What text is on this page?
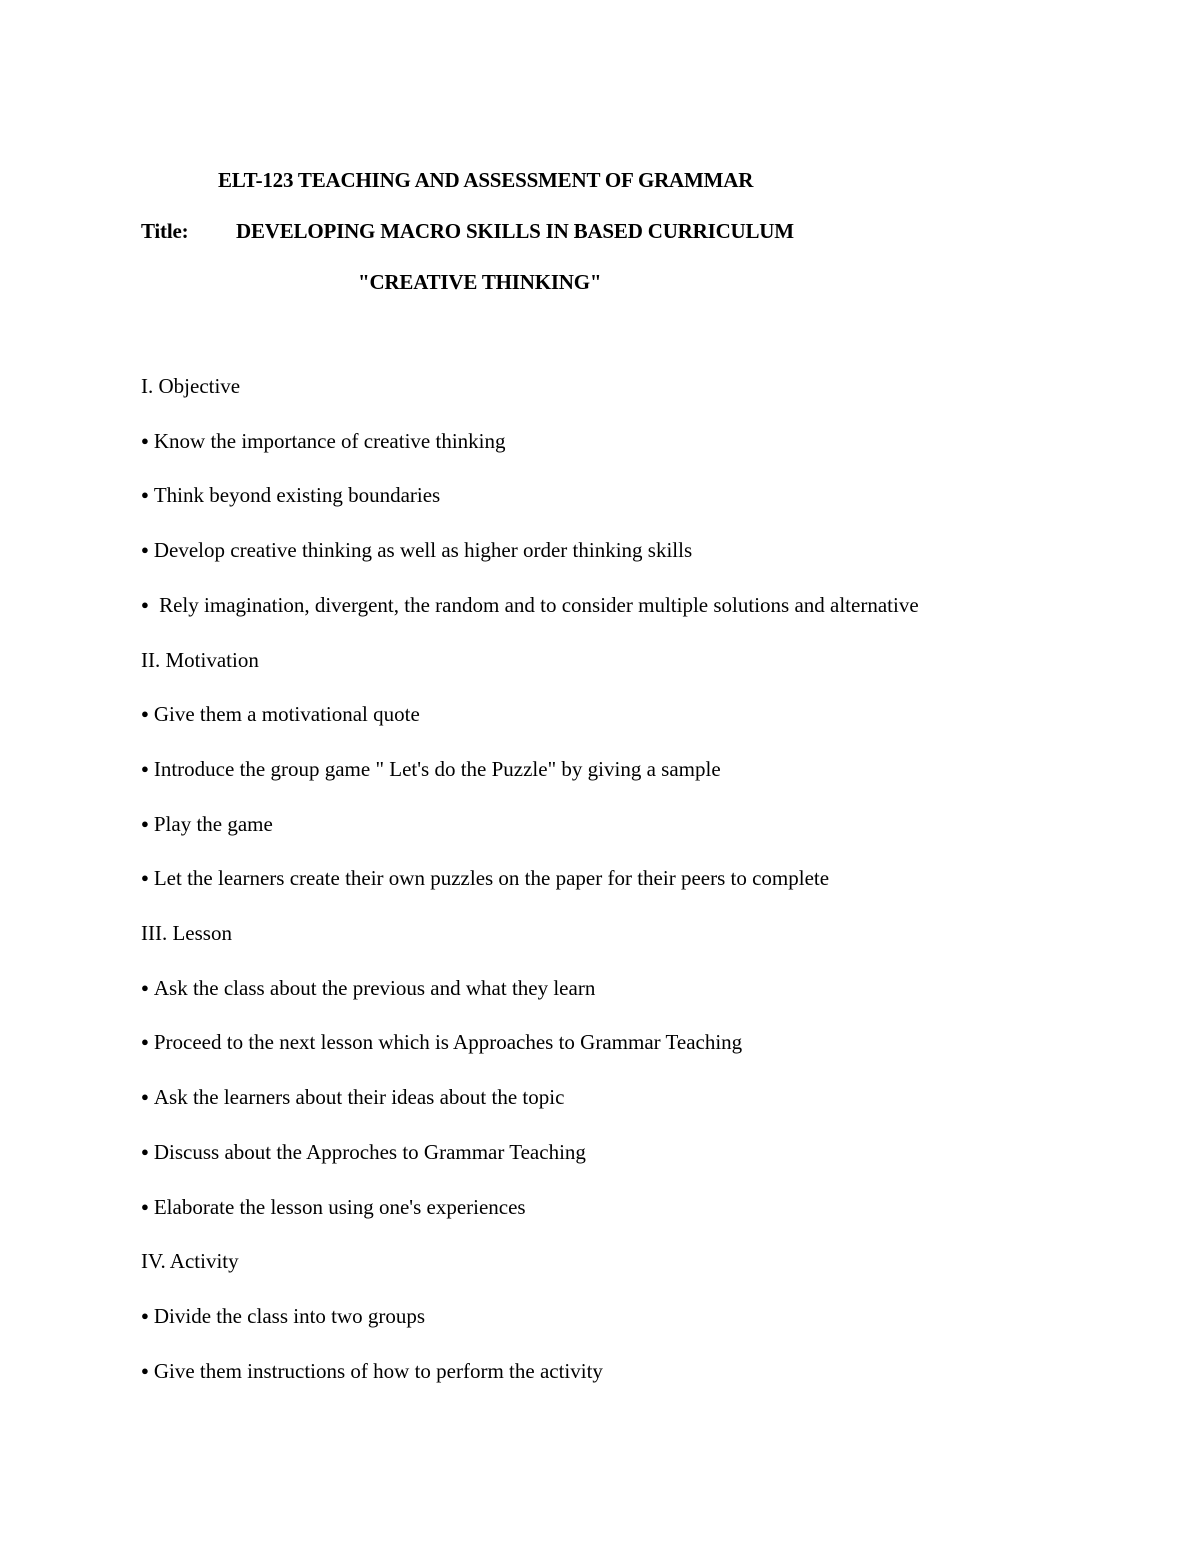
ELT-123 TEACHING AND ASSESSMENT OF GRAMMAR
Title: DEVELOPING MACRO SKILLS IN BASED CURRICULUM
"CREATIVE THINKING"
I. Objective
● Know the importance of creative thinking
● Think beyond existing boundaries
● Develop creative thinking as well as higher order thinking skills
● Rely imagination, divergent, the random and to consider multiple solutions and alternative
II. Motivation
● Give them a motivational quote
● Introduce the group game " Let's do the Puzzle" by giving a sample
● Play the game
● Let the learners create their own puzzles on the paper for their peers to complete
III. Lesson
● Ask the class about the previous and what they learn
● Proceed to the next lesson which is Approaches to Grammar Teaching
● Ask the learners about their ideas about the topic
● Discuss about the Approches to Grammar Teaching
● Elaborate the lesson using one's experiences
IV. Activity
● Divide the class into two groups
● Give them instructions of how to perform the activity
